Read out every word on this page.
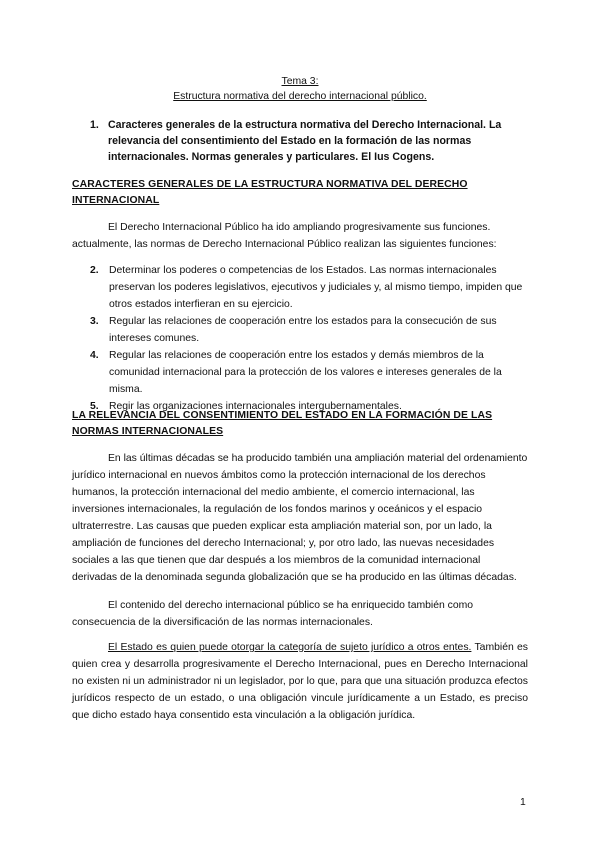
Tema 3:
Estructura normativa del derecho internacional público.
1. Caracteres generales de la estructura normativa del Derecho Internacional. La relevancia del consentimiento del Estado en la formación de las normas internacionales. Normas generales y particulares. El Ius Cogens.
CARACTERES GENERALES DE LA ESTRUCTURA NORMATIVA DEL DERECHO INTERNACIONAL
El Derecho Internacional Público ha ido ampliando progresivamente sus funciones. actualmente, las normas de Derecho Internacional Público realizan las siguientes funciones:
2. Determinar los poderes o competencias de los Estados. Las normas internacionales preservan los poderes legislativos, ejecutivos y judiciales y, al mismo tiempo, impiden que otros estados interfieran en su ejercicio.
3. Regular las relaciones de cooperación entre los estados para la consecución de sus intereses comunes.
4. Regular las relaciones de cooperación entre los estados y demás miembros de la comunidad internacional para la protección de los valores e intereses generales de la misma.
5. Regir las organizaciones internacionales intergubernamentales.
LA RELEVANCIA DEL CONSENTIMIENTO DEL ESTADO EN LA FORMACIÓN DE LAS NORMAS INTERNACIONALES
En las últimas décadas se ha producido también una ampliación material del ordenamiento jurídico internacional en nuevos ámbitos como la protección internacional de los derechos humanos, la protección internacional del medio ambiente, el comercio internacional, las inversiones internacionales, la regulación de los fondos marinos y oceánicos y el espacio ultraterrestre. Las causas que pueden explicar esta ampliación material son, por un lado, la ampliación de funciones del derecho Internacional; y, por otro lado, las nuevas necesidades sociales a las que tienen que dar después a los miembros de la comunidad internacional derivadas de la denominada segunda globalización que se ha producido en las últimas décadas.
El contenido del derecho internacional público se ha enriquecido también como consecuencia de la diversificación de las normas internacionales.
El Estado es quien puede otorgar la categoría de sujeto jurídico a otros entes. También es quien crea y desarrolla progresivamente el Derecho Internacional, pues en Derecho Internacional no existen ni un administrador ni un legislador, por lo que, para que una situación produzca efectos jurídicos respecto de un estado, o una obligación vincule jurídicamente a un Estado, es preciso que dicho estado haya consentido esta vinculación a la obligación jurídica.
1
